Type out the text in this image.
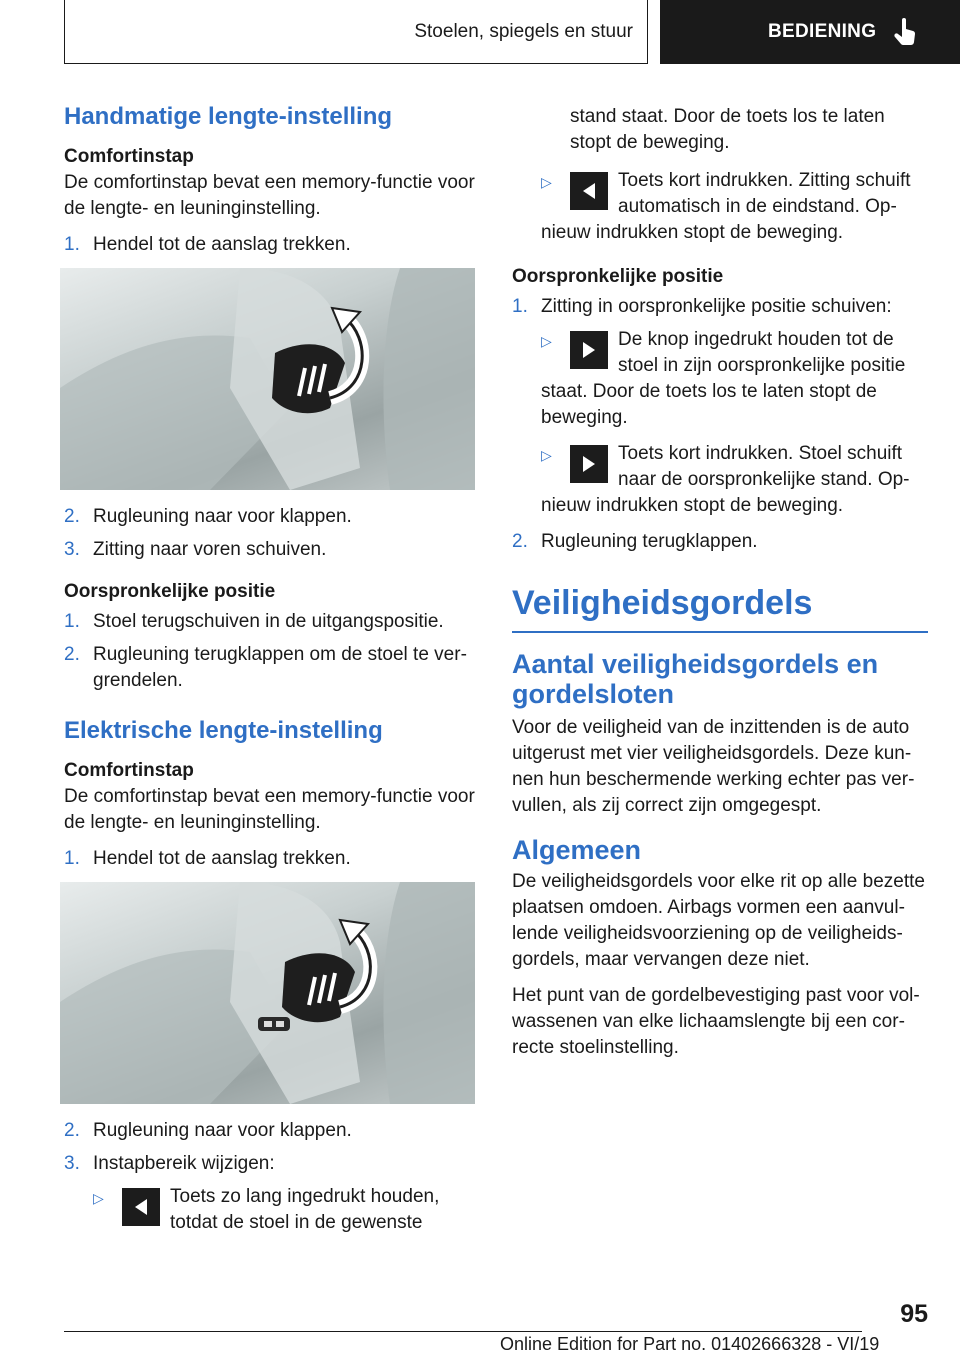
Stoelen, spiegels en stuur	BEDIENING
Handmatige lengte-instelling
Comfortinstap
De comfortinstap bevat een memory-functie voor de lengte- en leuninginstelling.
1. Hendel tot de aanslag trekken.
2. Rugleuning naar voor klappen.
3. Zitting naar voren schuiven.
Oorspronkelijke positie
1. Stoel terugschuiven in de uitgangspositie.
2. Rugleuning terugklappen om de stoel te vergrendelen.
Elektrische lengte-instelling
Comfortinstap
De comfortinstap bevat een memory-functie voor de lengte- en leuninginstelling.
1. Hendel tot de aanslag trekken.
2. Rugleuning naar voor klappen.
3. Instapbereik wijzigen:
▷	Toets zo lang ingedrukt houden, totdat de stoel in de gewenste
stand staat. Door de toets los te laten stopt de beweging.
▷	Toets kort indrukken. Zitting schuift automatisch in de eindstand. Opnieuw indrukken stopt de beweging.
Oorspronkelijke positie
1. Zitting in oorspronkelijke positie schuiven:
▷	De knop ingedrukt houden tot de stoel in zijn oorspronkelijke positie staat. Door de toets los te laten stopt de beweging.
▷	Toets kort indrukken. Stoel schuift naar de oorspronkelijke stand. Opnieuw indrukken stopt de beweging.
2. Rugleuning terugklappen.
Veiligheidsgordels
Aantal veiligheidsgordels en gordelsloten
Voor de veiligheid van de inzittenden is de auto uitgerust met vier veiligheidsgordels. Deze kunnen hun beschermende werking echter pas vervullen, als zij correct zijn omgegespt.
Algemeen
De veiligheidsgordels voor elke rit op alle bezette plaatsen omdoen. Airbags vormen een aanvullende veiligheidsvoorziening op de veiligheidsgordels, maar vervangen deze niet.
Het punt van de gordelbevestiging past voor volwassenen van elke lichaamslengte bij een correcte stoelinstelling.
95
Online Edition for Part no. 01402666328 - VI/19
